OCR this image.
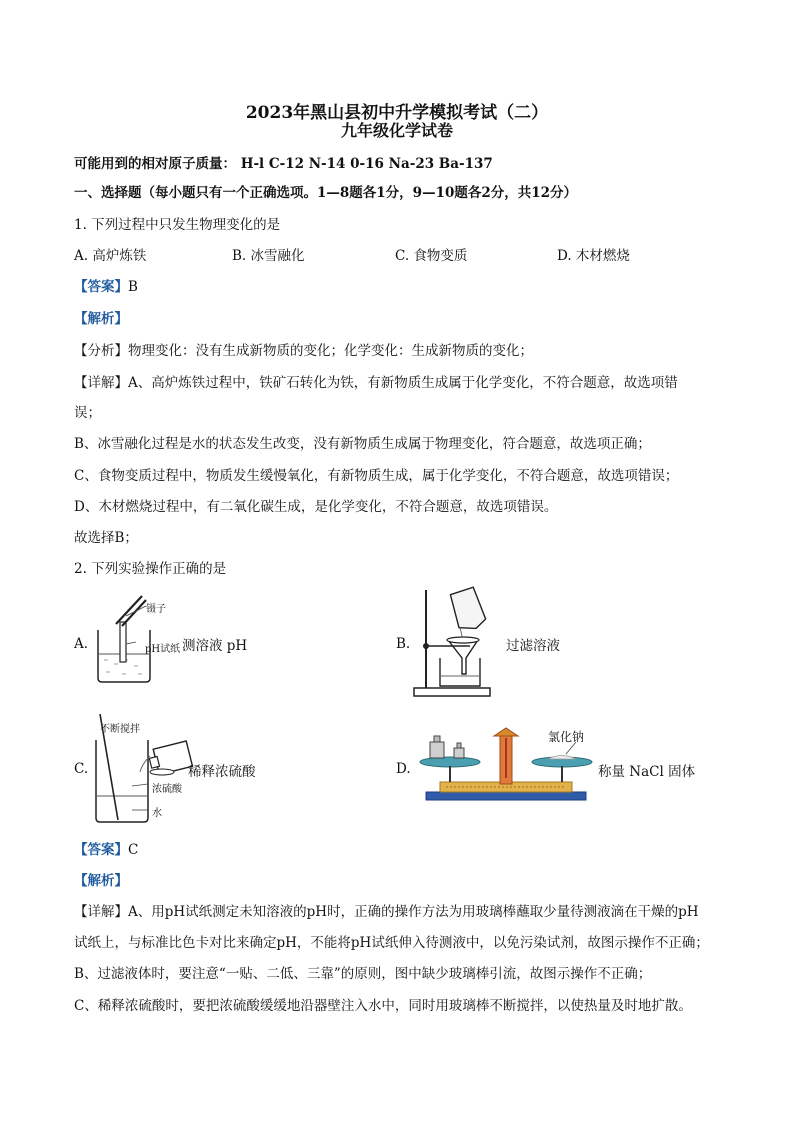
2023年黑山县初中升学模拟考试（二）
九年级化学试卷
可能用到的相对原子质量： H-l C-12 N-14 0-16 Na-23 Ba-137
一、选择题（每小题只有一个正确选项。1—8题各1分，9—10题各2分，共12分）
1. 下列过程中只发生物理变化的是
A. 高炉炼铁	B. 冰雪融化	C. 食物变质	D. 木材燃烧
【答案】B
【解析】
【分析】物理变化：没有生成新物质的变化；化学变化：生成新物质的变化；
【详解】A、高炉炼铁过程中，铁矿石转化为铁，有新物质生成属于化学变化，不符合题意，故选项错
误；
B、冰雪融化过程是水的状态发生改变，没有新物质生成属于物理变化，符合题意，故选项正确；
C、食物变质过程中，物质发生缓慢氧化，有新物质生成，属于化学变化，不符合题意，故选项错误；
D、木材燃烧过程中，有二氧化碳生成，是化学变化，不符合题意，故选项错误。
故选择B；
2. 下列实验操作正确的是
A.
镊子
pH试纸 测溶液 pH	B.	过滤溶液
C.
不断搅拌
浓硫酸
水
稀释浓硫酸	D.
氯化钠
称量 NaCl 固体
【答案】C
【解析】
【详解】A、用pH试纸测定未知溶液的pH时，正确的操作方法为用玻璃棒蘸取少量待测液滴在干燥的pH
试纸上，与标准比色卡对比来确定pH，不能将pH试纸伸入待测液中，以免污染试剂，故图示操作不正确；
B、过滤液体时，要注意“一贴、二低、三靠”的原则，图中缺少玻璃棒引流，故图示操作不正确；
C、稀释浓硫酸时，要把浓硫酸缓缓地沿器壁注入水中，同时用玻璃棒不断搅拌，以使热量及时地扩散。
